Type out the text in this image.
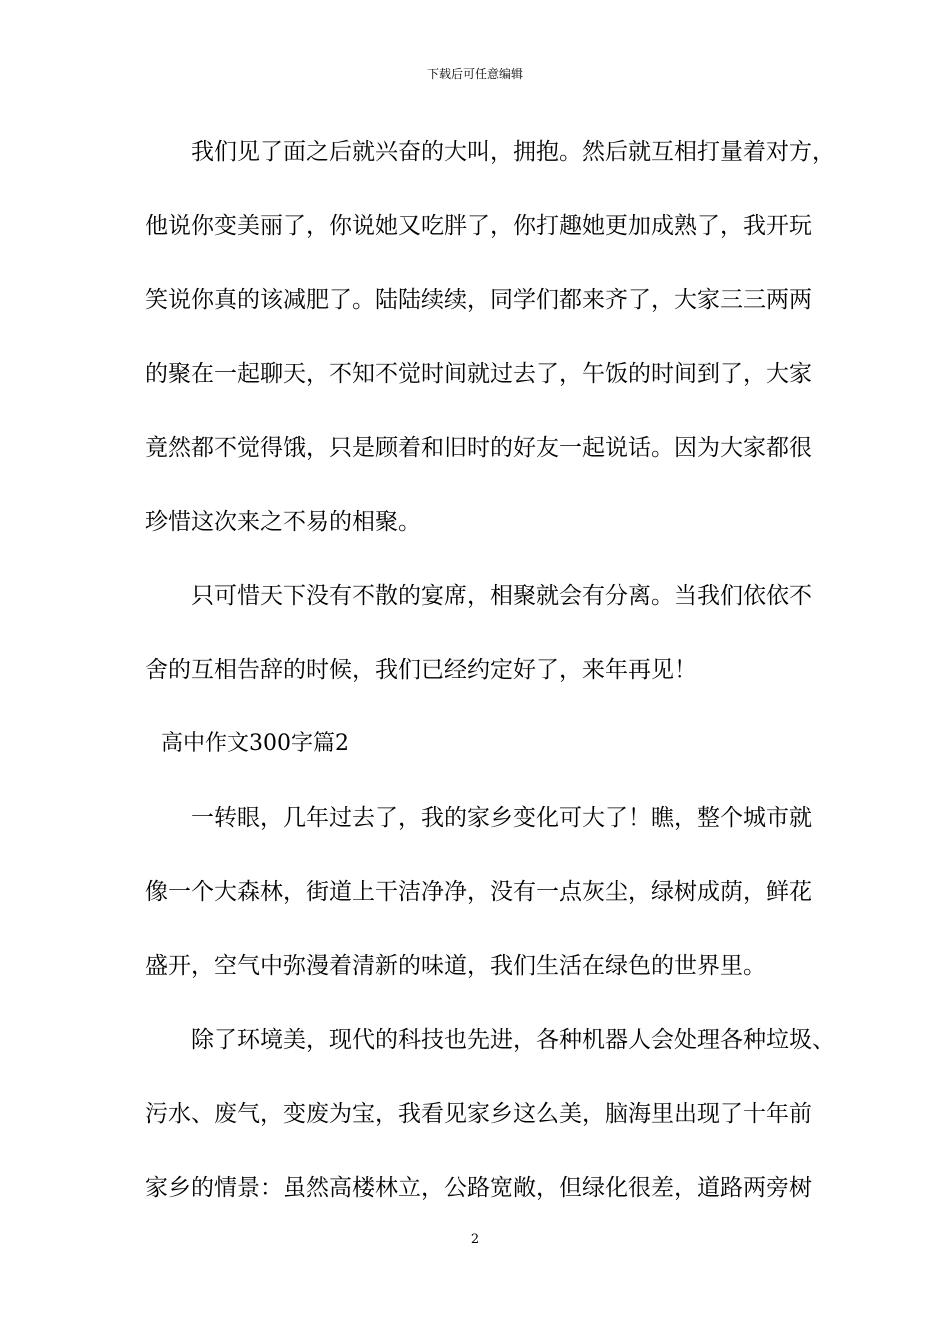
下载后可任意编辑
我们见了面之后就兴奋的大叫，拥抱。然后就互相打量着对方，
他说你变美丽了，你说她又吃胖了，你打趣她更加成熟了，我开玩
笑说你真的该减肥了。陆陆续续，同学们都来齐了，大家三三两两
的聚在一起聊天，不知不觉时间就过去了，午饭的时间到了，大家
竟然都不觉得饿，只是顾着和旧时的好友一起说话。因为大家都很
珍惜这次来之不易的相聚。
只可惜天下没有不散的宴席，相聚就会有分离。当我们依依不
舍的互相告辞的时候，我们已经约定好了，来年再见！
高中作文300字篇2
一转眼，几年过去了，我的家乡变化可大了！瞧，整个城市就
像一个大森林，街道上干洁净净，没有一点灰尘，绿树成荫，鲜花
盛开，空气中弥漫着清新的味道，我们生活在绿色的世界里。
除了环境美，现代的科技也先进，各种机器人会处理各种垃圾、
污水、废气，变废为宝，我看见家乡这么美，脑海里出现了十年前
家乡的情景：虽然高楼林立，公路宽敞，但绿化很差，道路两旁树
2
